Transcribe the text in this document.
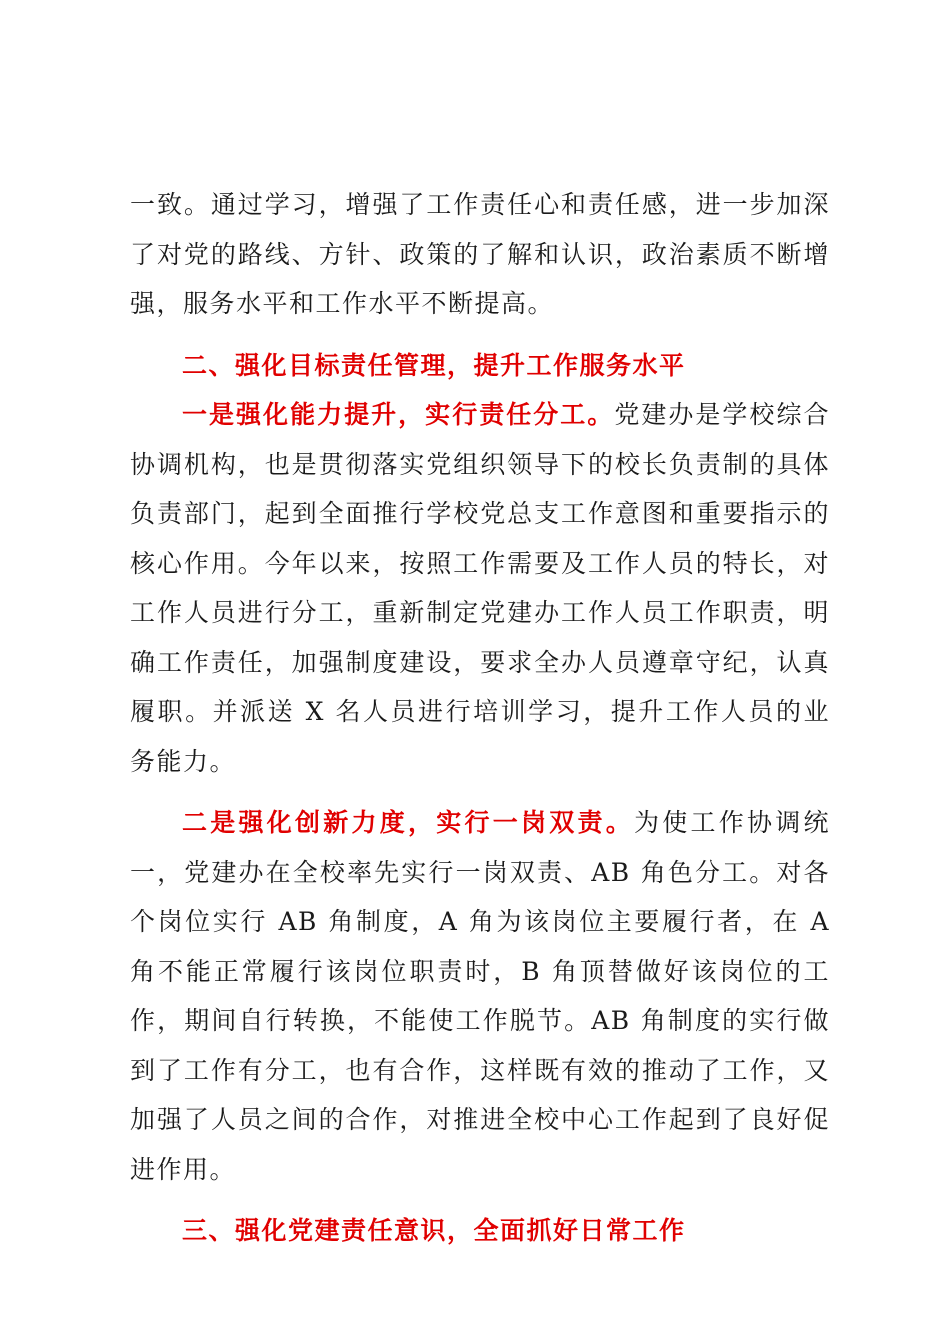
一致。通过学习，增强了工作责任心和责任感，进一步加深了对党的路线、方针、政策的了解和认识，政治素质不断增强，服务水平和工作水平不断提高。

二、强化目标责任管理，提升工作服务水平

一是强化能力提升，实行责任分工。党建办是学校综合协调机构，也是贯彻落实党组织领导下的校长负责制的具体负责部门，起到全面推行学校党总支工作意图和重要指示的核心作用。今年以来，按照工作需要及工作人员的特长，对工作人员进行分工，重新制定党建办工作人员工作职责，明确工作责任，加强制度建设，要求全办人员遵章守纪，认真履职。并派送 X 名人员进行培训学习，提升工作人员的业务能力。

二是强化创新力度，实行一岗双责。为使工作协调统一，党建办在全校率先实行一岗双责、AB 角色分工。对各个岗位实行 AB 角制度，A 角为该岗位主要履行者，在 A 角不能正常履行该岗位职责时，B 角顶替做好该岗位的工作，期间自行转换，不能使工作脱节。AB 角制度的实行做到了工作有分工，也有合作，这样既有效的推动了工作，又加强了人员之间的合作，对推进全校中心工作起到了良好促进作用。

三、强化党建责任意识，全面抓好日常工作
